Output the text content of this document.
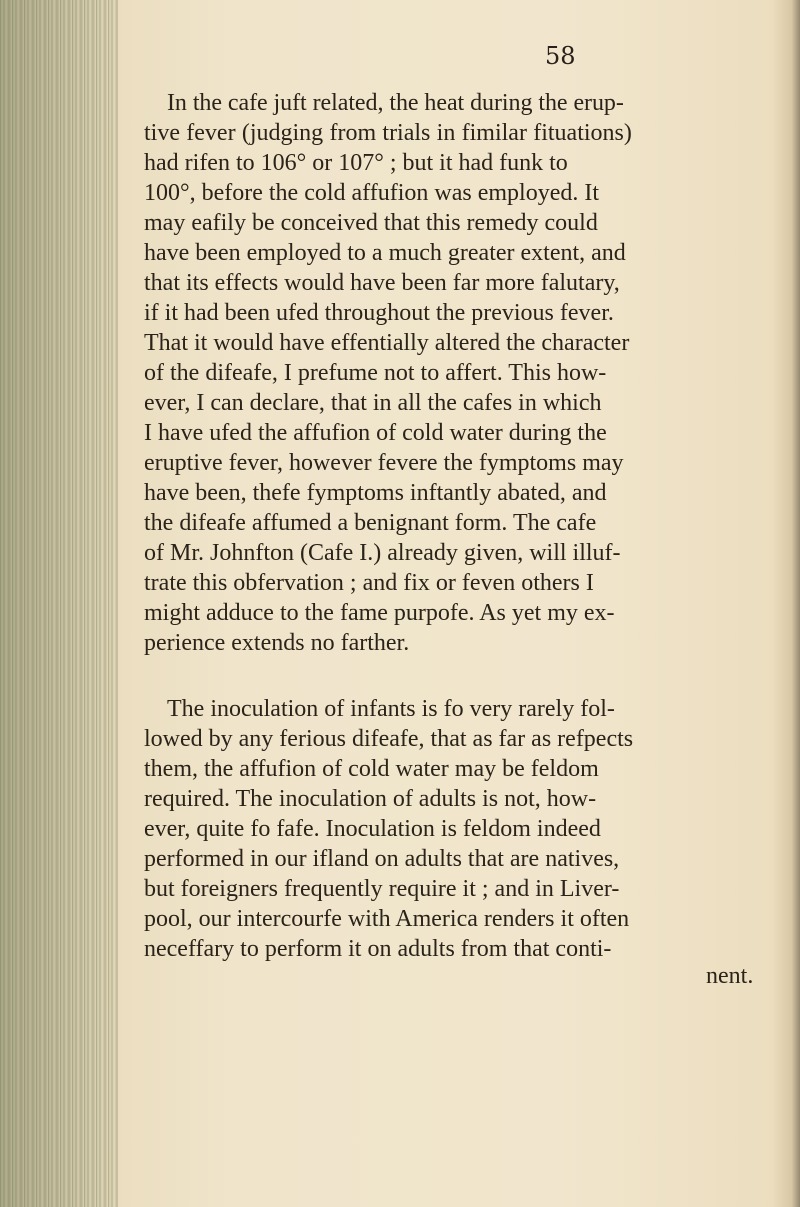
58
In the cafe juft related, the heat during the erup-
tive fever (judging from trials in fimilar fituations)
had rifen to 106° or 107° ; but it had funk to
100°, before the cold affufion was employed. It
may eafily be conceived that this remedy could
have been employed to a much greater extent, and
that its effects would have been far more falutary,
if it had been ufed throughout the previous fever.
That it would have effentially altered the character
of the difeafe, I prefume not to affert. This how-
ever, I can declare, that in all the cafes in which
I have ufed the affufion of cold water during the
eruptive fever, however fevere the fymptoms may
have been, thefe fymptoms inftantly abated, and
the difeafe affumed a benignant form. The cafe
of Mr. Johnfton (Cafe I.) already given, will illuf-
trate this obfervation ; and fix or feven others I
might adduce to the fame purpofe. As yet my ex-
perience extends no farther.
The inoculation of infants is fo very rarely fol-
lowed by any ferious difeafe, that as far as refpects
them, the affufion of cold water may be feldom
required. The inoculation of adults is not, how-
ever, quite fo fafe. Inoculation is feldom indeed
performed in our ifland on adults that are natives,
but foreigners frequently require it ; and in Liver-
pool, our intercourfe with America renders it often
neceffary to perform it on adults from that conti-
nent.
